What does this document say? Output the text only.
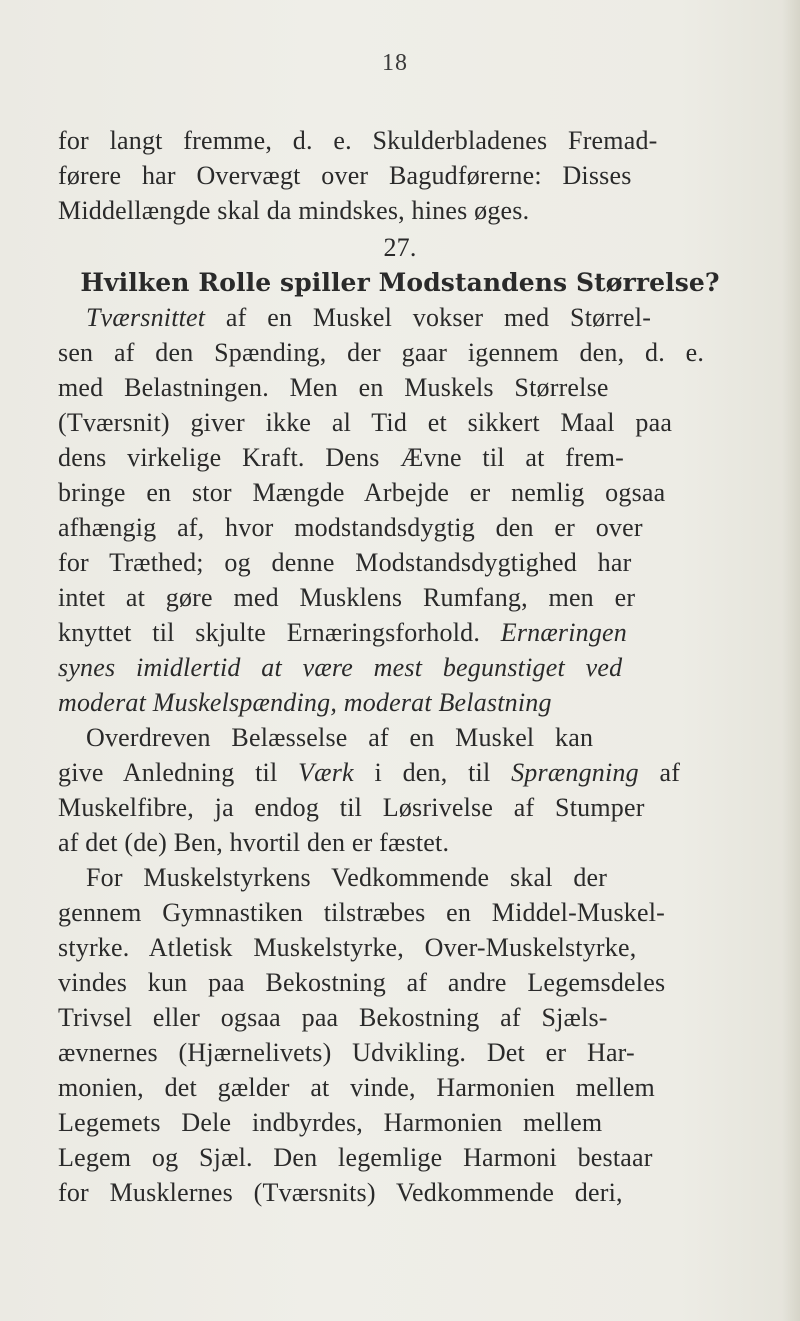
18
for langt fremme, d. e. Skulderbladenes Fremad-
førere har Overvægt over Bagudførerne: Disses
Middellængde skal da mindskes, hines øges.
27.
Hvilken Rolle spiller Modstandens Størrelse?
Tværsnittet af en Muskel vokser med Størrel-
sen af den Spænding, der gaar igennem den, d. e.
med Belastningen. Men en Muskels Størrelse
(Tværsnit) giver ikke al Tid et sikkert Maal paa
dens virkelige Kraft. Dens Ævne til at frem-
bringe en stor Mængde Arbejde er nemlig ogsaa
afhængig af, hvor modstandsdygtig den er over
for Træthed; og denne Modstandsdygtighed har
intet at gøre med Musklens Rumfang, men er
knyttet til skjulte Ernæringsforhold. Ernæringen
synes imidlertid at være mest begunstiget ved
moderat Muskelspænding, moderat Belastning
Overdreven Belæsselse af en Muskel kan
give Anledning til Værk i den, til Sprængning af
Muskelfibre, ja endog til Løsrivelse af Stumper
af det (de) Ben, hvortil den er fæstet.
For Muskelstyrkens Vedkommende skal der
gennem Gymnastiken tilstræbes en Middel-Muskel-
styrke. Atletisk Muskelstyrke, Over-Muskelstyrke,
vindes kun paa Bekostning af andre Legemsdeles
Trivsel eller ogsaa paa Bekostning af Sjæls-
ævnernes (Hjærnelivets) Udvikling. Det er Har-
monien, det gælder at vinde, Harmonien mellem
Legemets Dele indbyrdes, Harmonien mellem
Legem og Sjæl. Den legemlige Harmoni bestaar
for Musklernes (Tværsnits) Vedkommende deri,
